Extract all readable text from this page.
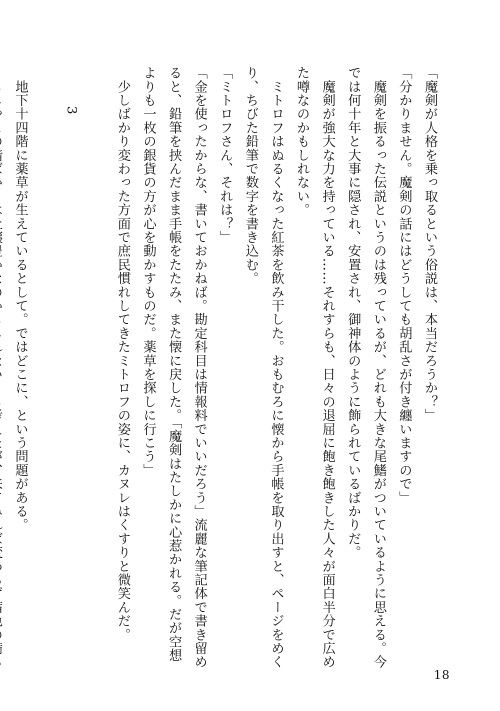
「魔剣が人格を乗っ取るという俗説は、本当だろうか？」
「分かりません。魔剣の話にはどうしても胡乱さが付き纏いますので」
　魔剣を振るった伝説というのは残っているが、どれも大きな尾鰭がついているように思える。今
では何十年と大事に隠され、安置され、御神体のように飾られているばかりだ。
　魔剣が強大な力を持っている……それすらも、日々の退屈に飽き飽きした人々が面白半分で広め
た噂なのかもしれない。
　ミトロフはぬるくなった紅茶を飲み干した。おもむろに懐から手帳を取り出すと、ページをめく
り、ちびた鉛筆で数字を書き込む。
「ミトロフさん、それは？」
「金を使ったからな、書いておかねば。勘定科目は情報料でいいだろう」流麗な筆記体で書き留め
ると、鉛筆を挟んだまま手帳をたたみ、また懐に戻した。「魔剣はたしかに心惹かれる。だが空想
よりも一枚の銀貨の方が心を動かすものだ。薬草を探しに行こう」
　少しばかり変わった方面で庶民慣れしてきたミトロフの姿に、カヌレはくすりと微笑んだ。
3
　地下十四階に薬草が生えているとして。ではどこに、という問題がある。
18
